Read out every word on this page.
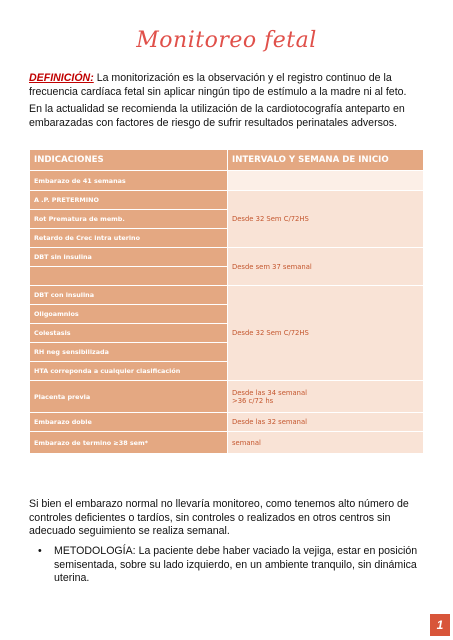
Monitoreo fetal
DEFINICIÓN: La monitorización es la observación y el registro continuo de la frecuencia cardíaca fetal sin aplicar ningún tipo de estímulo a la madre ni al feto.
En la actualidad se recomienda la utilización de la cardiotocografía anteparto en embarazadas con factores de riesgo de sufrir resultados perinatales adversos.
INDICACIONES	INTERVALO Y SEMANA DE INICIO
Embarazo de 41 semanas	
A .P. PRETERMINO	Desde 32 Sem C/72HS
Rot Prematura de memb.	
Retardo de Crec intra uterino	
DBT sin insulina	Desde sem 37 semanal

DBT con insulina	Desde 32 Sem C/72HS
Oligoamnios	
Colestasis	
RH neg sensibilizada	
HTA correponda a cualquier clasificación	
Placenta previa	Desde las 34 semanal
>36 c/72 hs

Embarazo doble	Desde las 32 semanal
Embarazo de termino ≥38 sem*	semanal
Si bien el embarazo normal no llevaría monitoreo, como tenemos alto número de controles deficientes o tardíos, sin controles o realizados en otros centros sin adecuado seguimiento se realiza semanal.
•	METODOLOGÍA: La paciente debe haber vaciado la vejiga, estar en posición semisentada, sobre su lado izquierdo, en un ambiente tranquilo, sin dinámica uterina.
1
